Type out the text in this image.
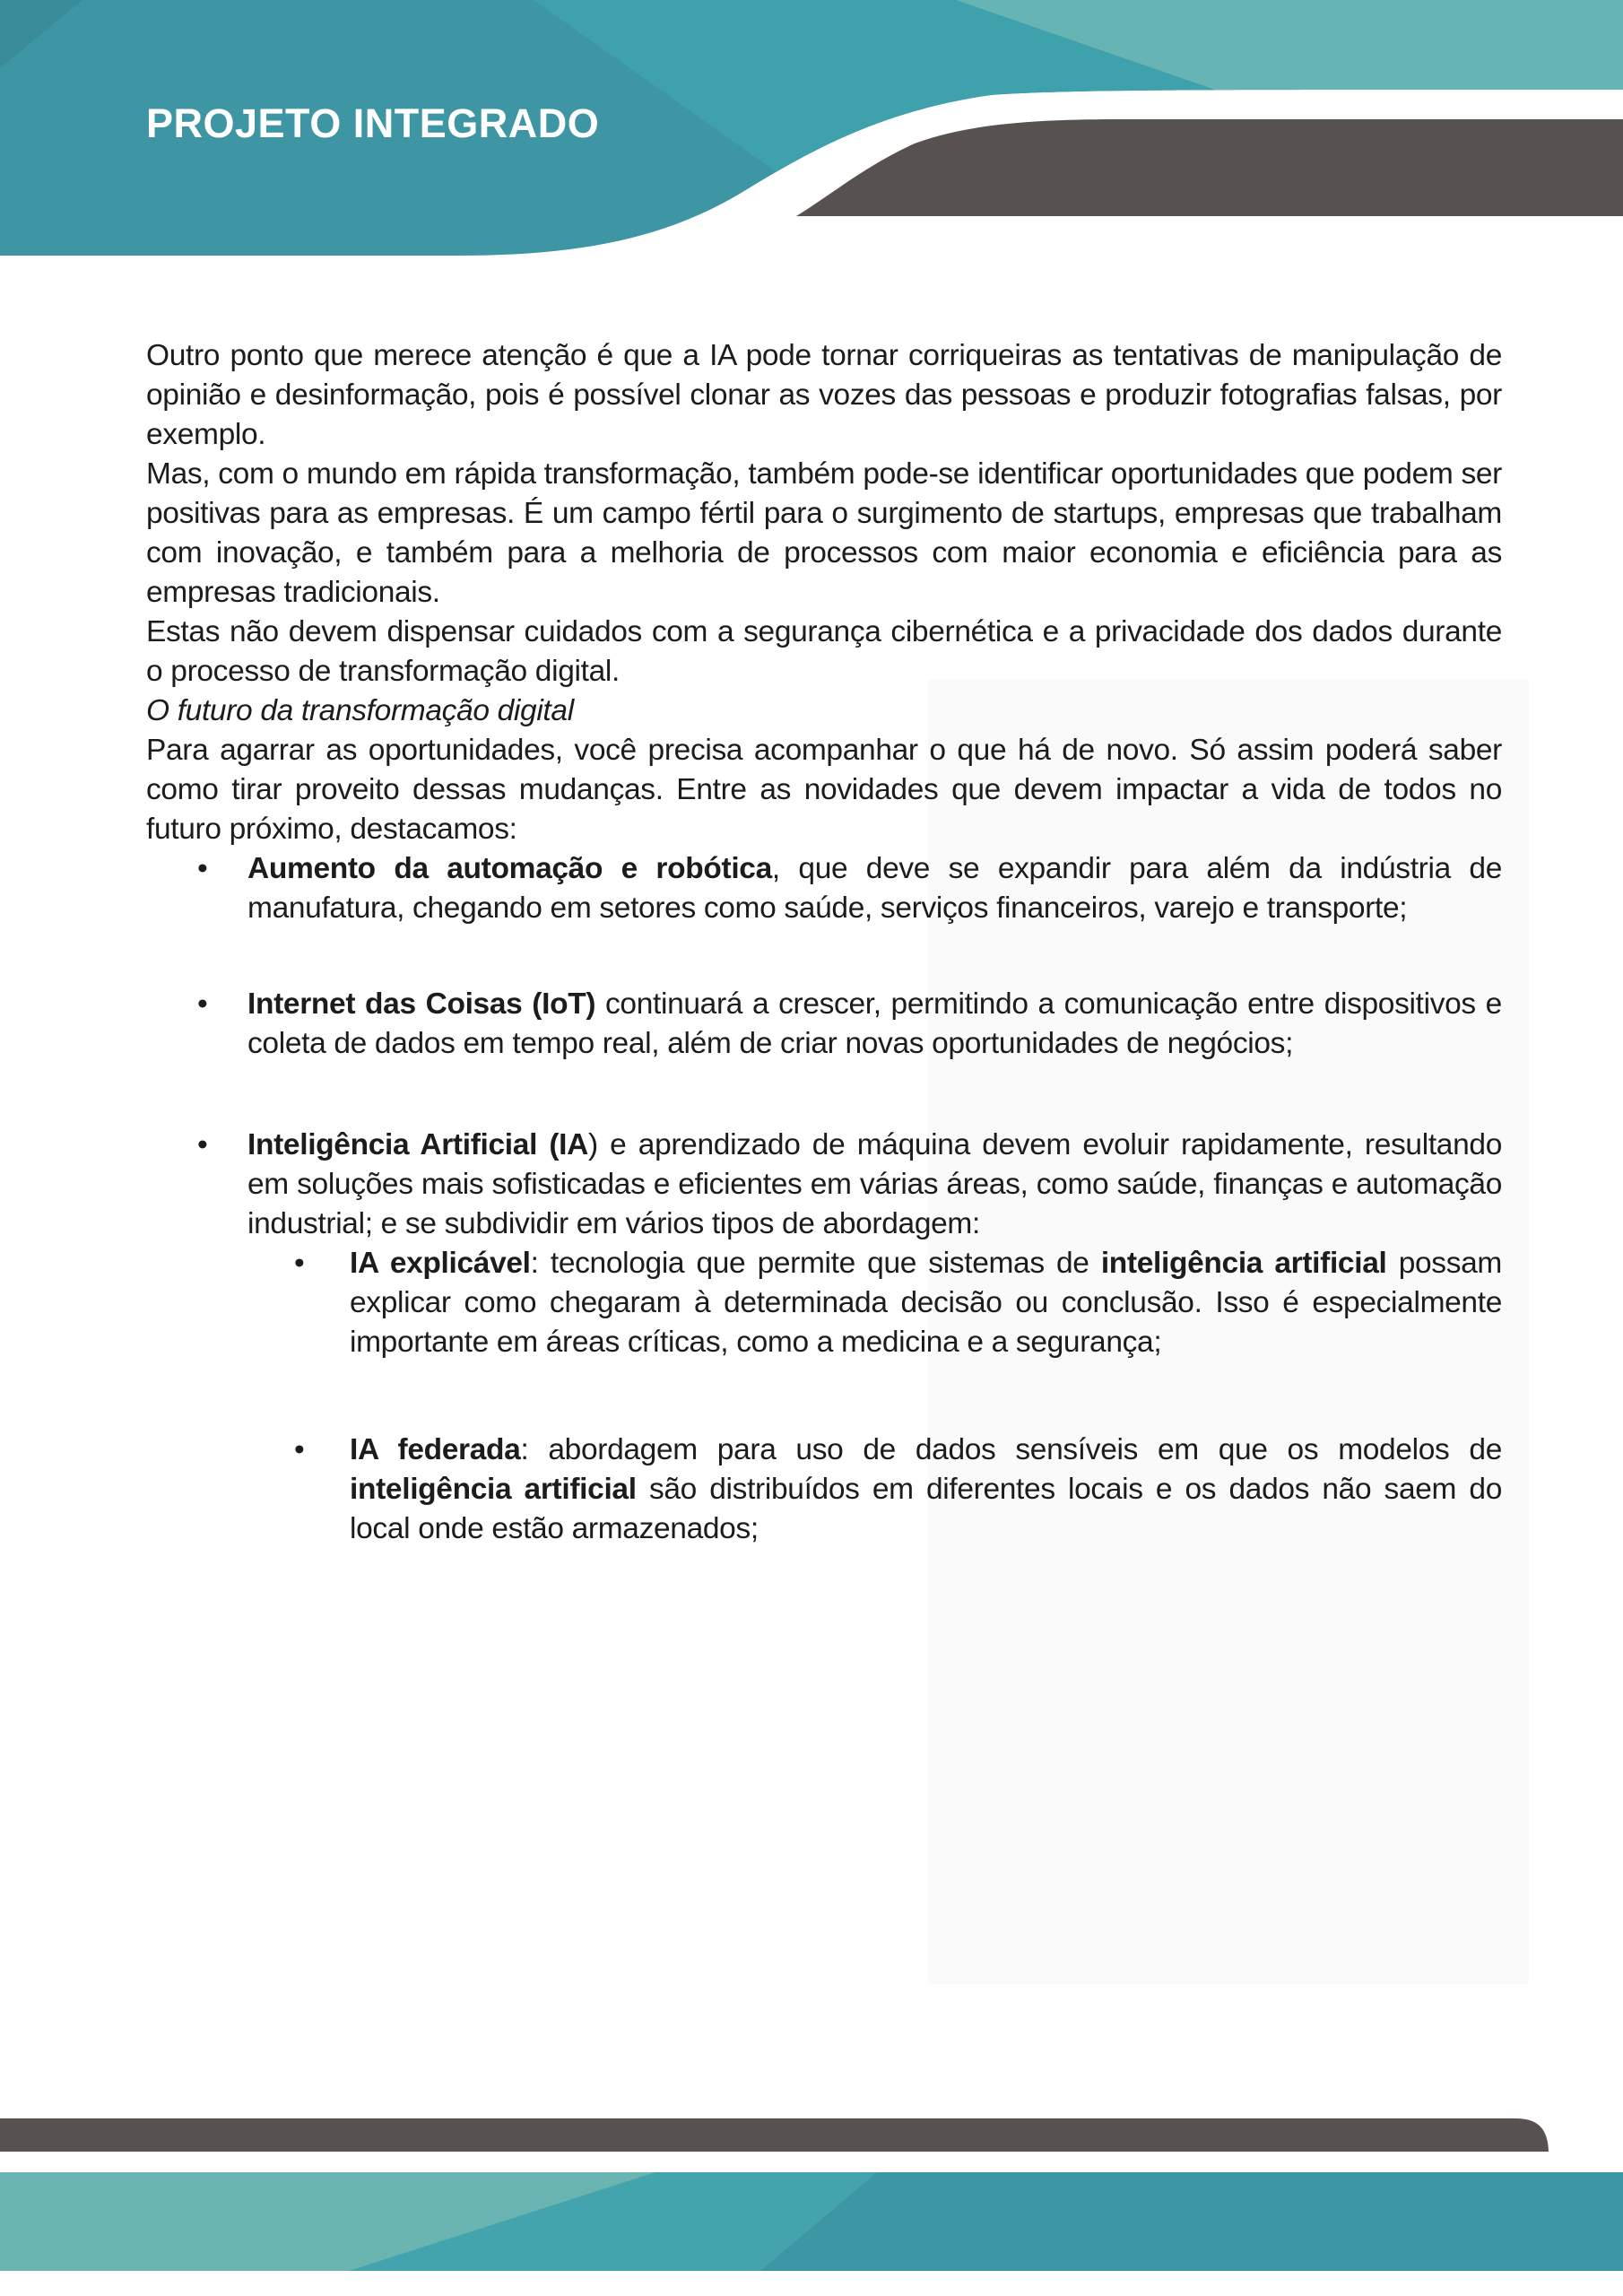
PROJETO INTEGRADO

Outro ponto que merece atenção é que a IA pode tornar corriqueiras as tentativas de manipulação de opinião e desinformação, pois é possível clonar as vozes das pessoas e produzir fotografias falsas, por exemplo.

Mas, com o mundo em rápida transformação, também pode-se identificar oportunidades que podem ser positivas para as empresas. É um campo fértil para o surgimento de startups, empresas que trabalham com inovação, e também para a melhoria de processos com maior economia e eficiência para as empresas tradicionais.

Estas não devem dispensar cuidados com a segurança cibernética e a privacidade dos dados durante o processo de transformação digital.

O futuro da transformação digital

Para agarrar as oportunidades, você precisa acompanhar o que há de novo. Só assim poderá saber como tirar proveito dessas mudanças. Entre as novidades que devem impactar a vida de todos no futuro próximo, destacamos:

• Aumento da automação e robótica, que deve se expandir para além da indústria de manufatura, chegando em setores como saúde, serviços financeiros, varejo e transporte;
• Internet das Coisas (IoT) continuará a crescer, permitindo a comunicação entre dispositivos e coleta de dados em tempo real, além de criar novas oportunidades de negócios;
• Inteligência Artificial (IA) e aprendizado de máquina devem evoluir rapidamente, resultando em soluções mais sofisticadas e eficientes em várias áreas, como saúde, finanças e automação industrial; e se subdividir em vários tipos de abordagem:
• IA explicável: tecnologia que permite que sistemas de inteligência artificial possam explicar como chegaram à determinada decisão ou conclusão. Isso é especialmente importante em áreas críticas, como a medicina e a segurança;
• IA federada: abordagem para uso de dados sensíveis em que os modelos de inteligência artificial são distribuídos em diferentes locais e os dados não saem do local onde estão armazenados;
